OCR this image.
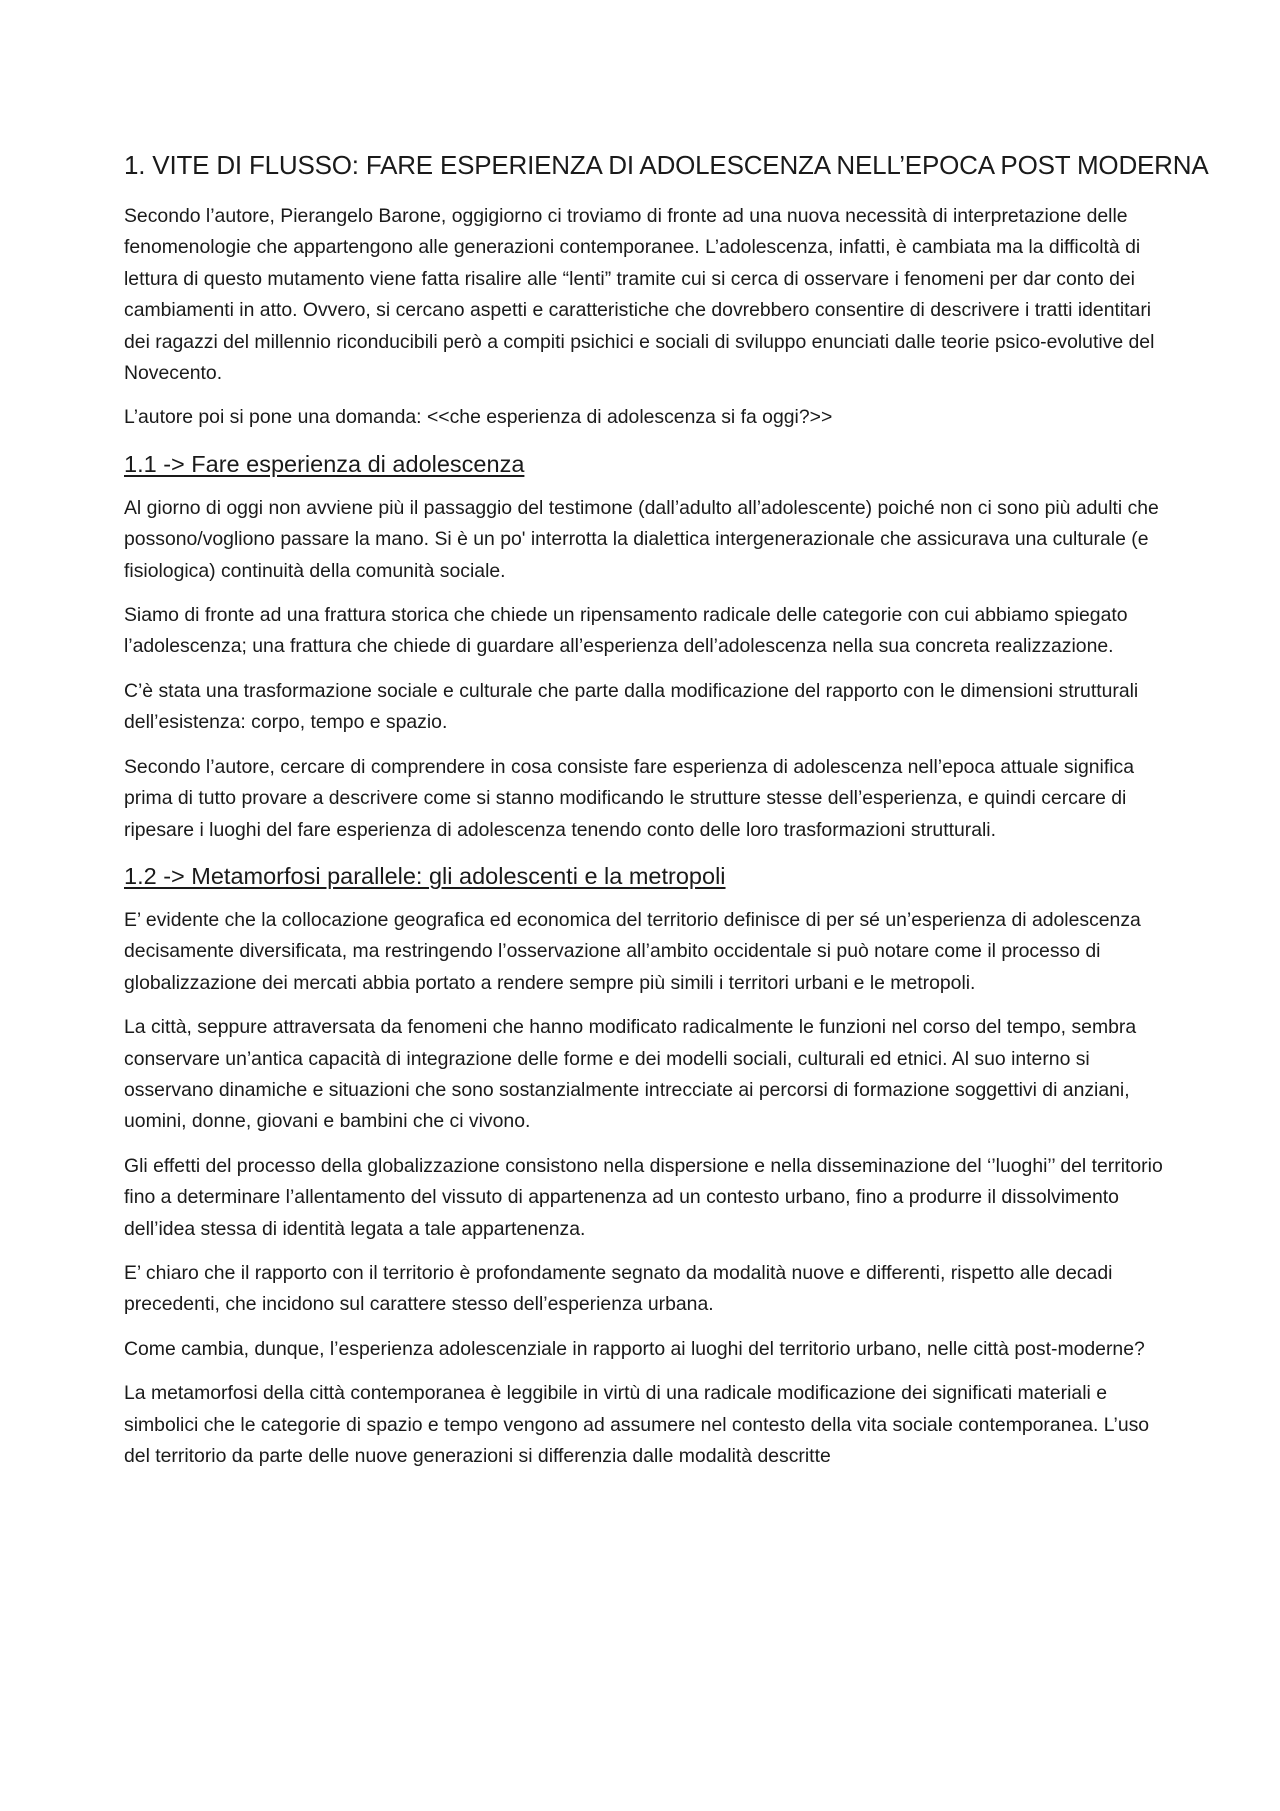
1. VITE DI FLUSSO: FARE ESPERIENZA DI ADOLESCENZA NELL’EPOCA POST MODERNA

Secondo l’autore, Pierangelo Barone, oggigiorno ci troviamo di fronte ad una nuova necessità di interpretazione delle fenomenologie che appartengono alle generazioni contemporanee. L’adolescenza, infatti, è cambiata ma la difficoltà di lettura di questo mutamento viene fatta risalire alle “lenti” tramite cui si cerca di osservare i fenomeni per dar conto dei cambiamenti in atto. Ovvero, si cercano aspetti e caratteristiche che dovrebbero consentire di descrivere i tratti identitari dei ragazzi del millennio riconducibili però a compiti psichici e sociali di sviluppo enunciati dalle teorie psico-evolutive del Novecento.

L’autore poi si pone una domanda: <<che esperienza di adolescenza si fa oggi?>>

1.1 -> Fare esperienza di adolescenza

Al giorno di oggi non avviene più il passaggio del testimone (dall’adulto all’adolescente) poiché non ci sono più adulti che possono/vogliono passare la mano. Si è un po' interrotta la dialettica intergenerazionale che assicurava una culturale (e fisiologica) continuità della comunità sociale.

Siamo di fronte ad una frattura storica che chiede un ripensamento radicale delle categorie con cui abbiamo spiegato l’adolescenza; una frattura che chiede di guardare all’esperienza dell’adolescenza nella sua concreta realizzazione.

C’è stata una trasformazione sociale e culturale che parte dalla modificazione del rapporto con le dimensioni strutturali dell’esistenza: corpo, tempo e spazio.

Secondo l’autore, cercare di comprendere in cosa consiste fare esperienza di adolescenza nell’epoca attuale significa prima di tutto provare a descrivere come si stanno modificando le strutture stesse dell’esperienza, e quindi cercare di ripesare i luoghi del fare esperienza di adolescenza tenendo conto delle loro trasformazioni strutturali.

1.2 -> Metamorfosi parallele: gli adolescenti e la metropoli

E’ evidente che la collocazione geografica ed economica del territorio definisce di per sé un’esperienza di adolescenza decisamente diversificata, ma restringendo l’osservazione all’ambito occidentale si può notare come il processo di globalizzazione dei mercati abbia portato a rendere sempre più simili i territori urbani e le metropoli.

La città, seppure attraversata da fenomeni che hanno modificato radicalmente le funzioni nel corso del tempo, sembra conservare un’antica capacità di integrazione delle forme e dei modelli sociali, culturali ed etnici. Al suo interno si osservano dinamiche e situazioni che sono sostanzialmente intrecciate ai percorsi di formazione soggettivi di anziani, uomini, donne, giovani e bambini che ci vivono.

Gli effetti del processo della globalizzazione consistono nella dispersione e nella disseminazione del ‘’luoghi’’ del territorio fino a determinare l’allentamento del vissuto di appartenenza ad un contesto urbano, fino a produrre il dissolvimento dell’idea stessa di identità legata a tale appartenenza.

E’ chiaro che il rapporto con il territorio è profondamente segnato da modalità nuove e differenti, rispetto alle decadi precedenti, che incidono sul carattere stesso dell’esperienza urbana.

Come cambia, dunque, l’esperienza adolescenziale in rapporto ai luoghi del territorio urbano, nelle città post-moderne?

La metamorfosi della città contemporanea è leggibile in virtù di una radicale modificazione dei significati materiali e simbolici che le categorie di spazio e tempo vengono ad assumere nel contesto della vita sociale contemporanea. L’uso del territorio da parte delle nuove generazioni si differenzia dalle modalità descritte
